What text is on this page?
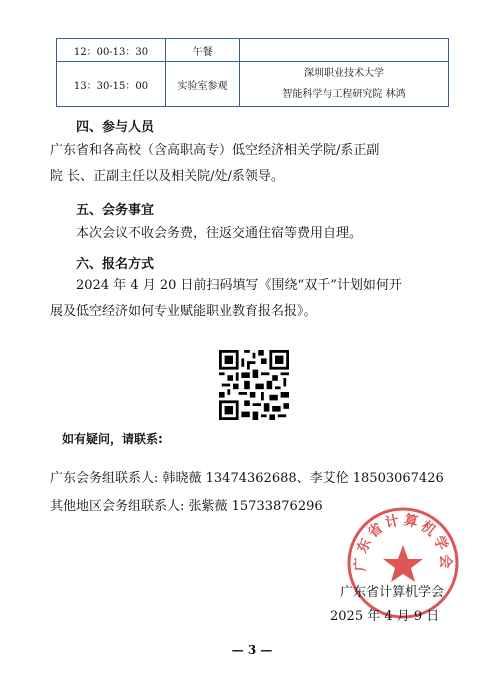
12：00-13：30	午餐	
13：30-15：00	实验室参观	深圳职业技术大学
智能科学与工程研究院 林鸿
四、参与人员
广东省和各高校（含高职高专）低空经济相关学院/系正副
院 长、正副主任以及相关院/处/系领导。
五、会务事宜
本次会议不收会务费，往返交通住宿等费用自理。
六、报名方式
2024 年 4 月 20 日前扫码填写《围绕“双千”计划如何开
展及低空经济如何专业赋能职业教育报名报》。
如有疑问，请联系:
广东会务组联系人: 韩晓薇 13474362688、李艾伦 18503067426
其他地区会务组联系人: 张紫薇 15733876296
广东省计算机学会
广东省计算机学会
2025 年 4 月 9 日
— 3 —
